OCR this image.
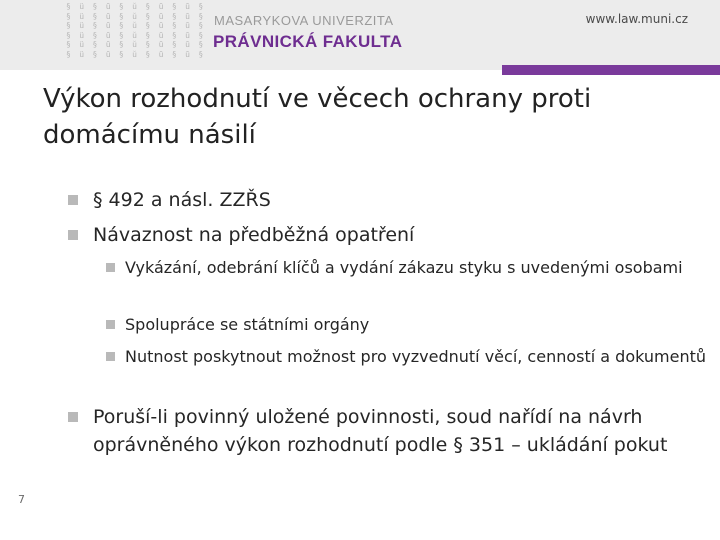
§ ü § ū § ŭ § ū § ū §
§ ü § ū § ŭ § ū § ū §
§ ü § ū § ŭ § ū § ū §
§ ü § ū § ŭ § ū § ū §
§ ü § ū § ŭ § ū § ū §
§ ü § ū § ŭ § ū § ū §
MASARYKOVA UNIVERZITA
PRÁVNICKÁ FAKULTA
www.law.muni.cz
Výkon rozhodnutí ve věcech ochrany proti domácímu násilí
§ 492 a násl. ZZŘS
Návaznost na předběžná opatření
Vykázání, odebrání klíčů a vydání zákazu styku s uvedenými osobami
Spolupráce se státními orgány
Nutnost poskytnout možnost pro vyzvednutí věcí, cenností a dokumentů
Poruší-li povinný uložené povinnosti, soud nařídí na návrh oprávněného výkon rozhodnutí podle § 351 – ukládání pokut
7
